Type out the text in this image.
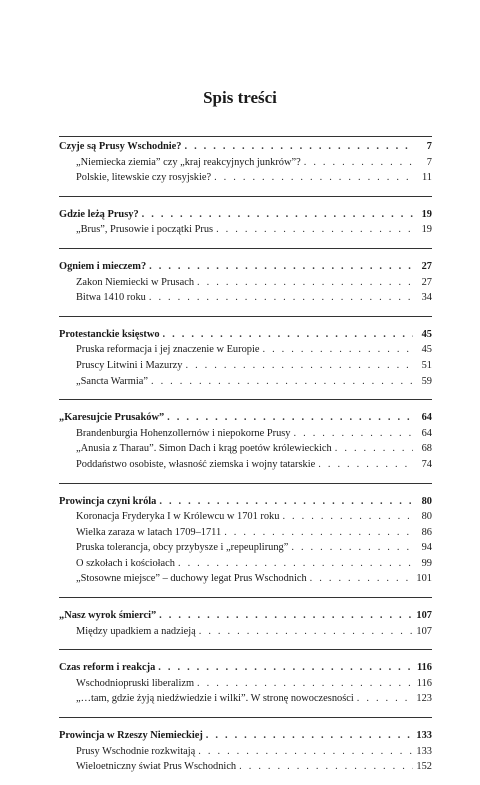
Spis treści
Czyje są Prusy Wschodnie? . . .	7
„Niemiecka ziemia” czy „kraj reakcyjnych junkrów”? . . .	7
Polskie, litewskie czy rosyjskie? . . .	11
Gdzie leżą Prusy? . . .	19
„Brus”, Prusowie i początki Prus . . .	19
Ogniem i mieczem? . . .	27
Zakon Niemiecki w Prusach . . .	27
Bitwa 1410 roku . . .	34
Protestanckie księstwo . . .	45
Pruska reformacja i jej znaczenie w Europie . . .	45
Pruscy Litwini i Mazurzy . . .	51
„Sancta Warmia” . . .	59
„Karesujcie Prusaków” . . .	64
Brandenburgia Hohenzollernów i niepokorne Prusy . . .	64
„Anusia z Tharau”. Simon Dach i krąg poetów królewieckich . . .	68
Poddaństwo osobiste, własność ziemska i wojny tatarskie . . .	74
Prowincja czyni króla . . .	80
Koronacja Fryderyka I w Królewcu w 1701 roku . . .	80
Wielka zaraza w latach 1709–1711 . . .	86
Pruska tolerancja, obcy przybysze i „repeuplirung” . . .	94
O szkołach i kościołach . . .	99
„Stosowne miejsce” – duchowy legat Prus Wschodnich . . .	101
„Nasz wyrok śmierci” . . .	107
Między upadkiem a nadzieją . . .	107
Czas reform i reakcja . . .	116
Wschodniopruski liberalizm . . .	116
„…tam, gdzie żyją niedźwiedzie i wilki”. W stronę nowoczesności . . .	123
Prowincja w Rzeszy Niemieckiej . . .	133
Prusy Wschodnie rozkwitają . . .	133
Wieloetniczny świat Prus Wschodnich . . .	152
